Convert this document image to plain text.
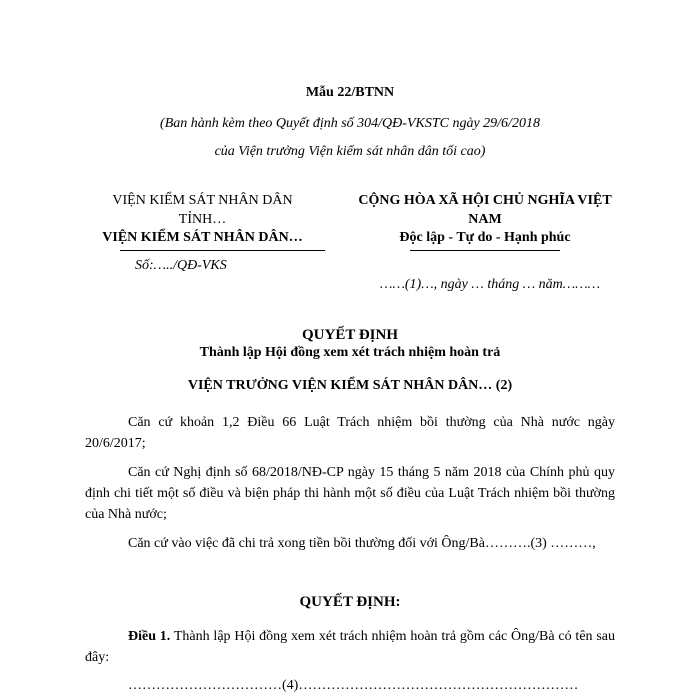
Mẫu 22/BTNN
(Ban hành kèm theo Quyết định số 304/QĐ-VKSTC ngày 29/6/2018
của Viện trưởng Viện kiểm sát nhân dân tối cao)
VIỆN KIỂM SÁT NHÂN DÂN
TỈNH…
VIỆN KIỂM SÁT NHÂN DÂN…
Số:…../QĐ-VKS
CỘNG HÒA XÃ HỘI CHỦ NGHĨA VIỆT
NAM
Độc lập - Tự do - Hạnh phúc
……(1)…, ngày … tháng … năm………
QUYẾT ĐỊNH
Thành lập Hội đồng xem xét trách nhiệm hoàn trả
VIỆN TRƯỞNG VIỆN KIỂM SÁT NHÂN DÂN… (2)
Căn cứ khoản 1,2 Điều 66 Luật Trách nhiệm bồi thường của Nhà nước ngày 20/6/2017;
Căn cứ Nghị định số 68/2018/NĐ-CP ngày 15 tháng 5 năm 2018 của Chính phủ quy định chi tiết một số điều và biện pháp thi hành một số điều của Luật Trách nhiệm bồi thường của Nhà nước;
Căn cứ vào việc đã chi trả xong tiền bồi thường đối với Ông/Bà……….(3) ………,
QUYẾT ĐỊNH:
Điều 1. Thành lập Hội đồng xem xét trách nhiệm hoàn trả gồm các Ông/Bà có tên sau đây:
……………………………(4)……………………………………………………
